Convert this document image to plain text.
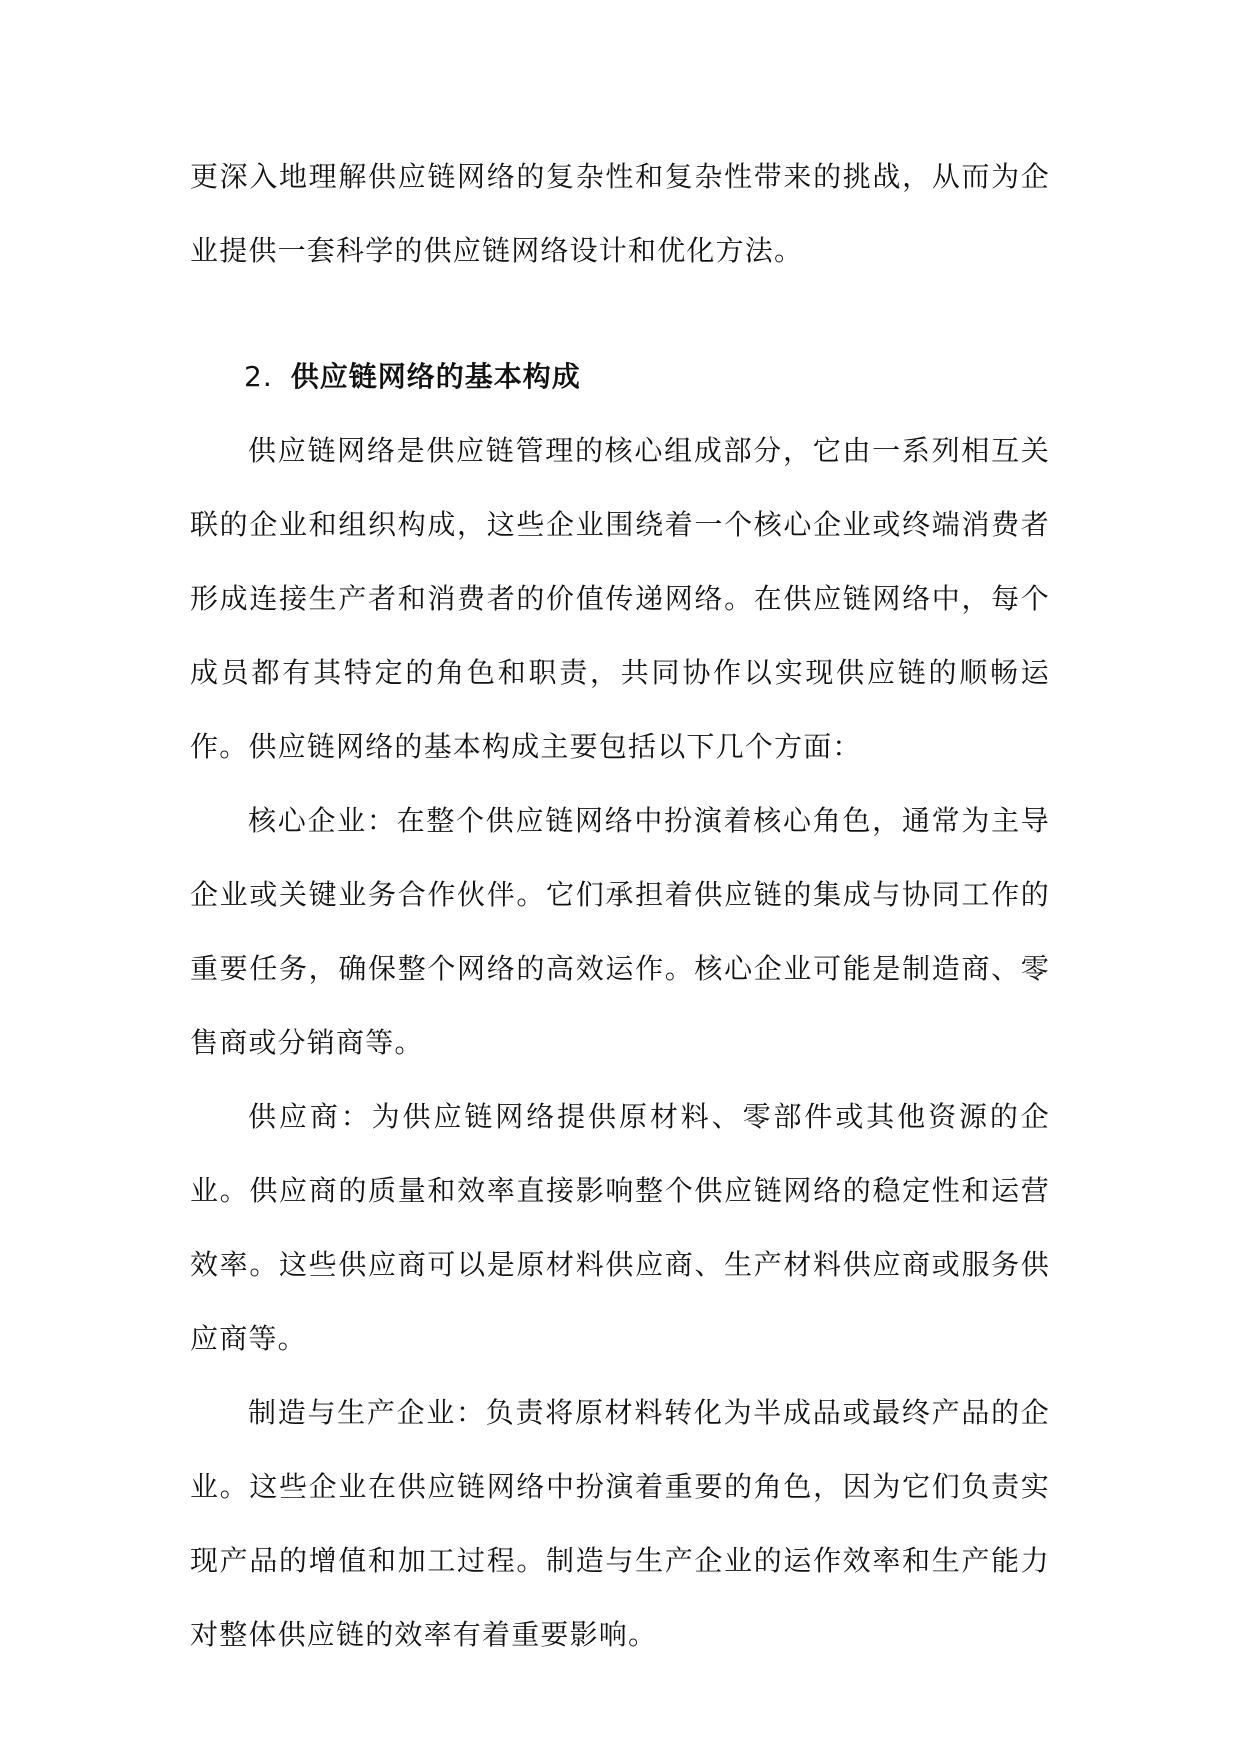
更深入地理解供应链网络的复杂性和复杂性带来的挑战，从而为企业提供一套科学的供应链网络设计和优化方法。

2. 供应链网络的基本构成

供应链网络是供应链管理的核心组成部分，它由一系列相互关联的企业和组织构成，这些企业围绕着一个核心企业或终端消费者形成连接生产者和消费者的价值传递网络。在供应链网络中，每个成员都有其特定的角色和职责，共同协作以实现供应链的顺畅运作。供应链网络的基本构成主要包括以下几个方面：

核心企业：在整个供应链网络中扮演着核心角色，通常为主导企业或关键业务合作伙伴。它们承担着供应链的集成与协同工作的重要任务，确保整个网络的高效运作。核心企业可能是制造商、零售商或分销商等。

供应商：为供应链网络提供原材料、零部件或其他资源的企业。供应商的质量和效率直接影响整个供应链网络的稳定性和运营效率。这些供应商可以是原材料供应商、生产材料供应商或服务供应商等。

制造与生产企业：负责将原材料转化为半成品或最终产品的企业。这些企业在供应链网络中扮演着重要的角色，因为它们负责实现产品的增值和加工过程。制造与生产企业的运作效率和生产能力对整体供应链的效率有着重要影响。
